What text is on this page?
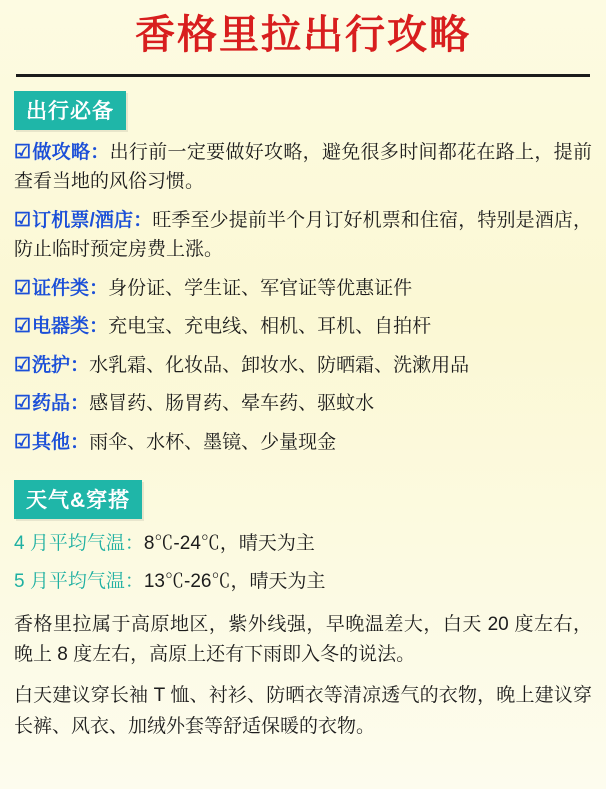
香格里拉出行攻略
出行必备
☑做攻略：出行前一定要做好攻略，避免很多时间都花在路上，提前查看当地的风俗习惯。
☑订机票/酒店：旺季至少提前半个月订好机票和住宿，特别是酒店，防止临时预定房费上涨。
☑证件类：身份证、学生证、军官证等优惠证件
☑电器类：充电宝、充电线、相机、耳机、自拍杆
☑洗护：水乳霜、化妆品、卸妆水、防晒霜、洗漱用品
☑药品：感冒药、肠胃药、晕车药、驱蚊水
☑其他：雨伞、水杯、墨镜、少量现金
天气&穿搭
4 月平均气温：8℃-24℃，晴天为主
5 月平均气温：13℃-26℃，晴天为主
香格里拉属于高原地区，紫外线强，早晚温差大，白天 20 度左右，晚上 8 度左右，高原上还有下雨即入冬的说法。
白天建议穿长袖 T 恤、衬衫、防晒衣等清凉透气的衣物，晚上建议穿长裤、风衣、加绒外套等舒适保暖的衣物。
